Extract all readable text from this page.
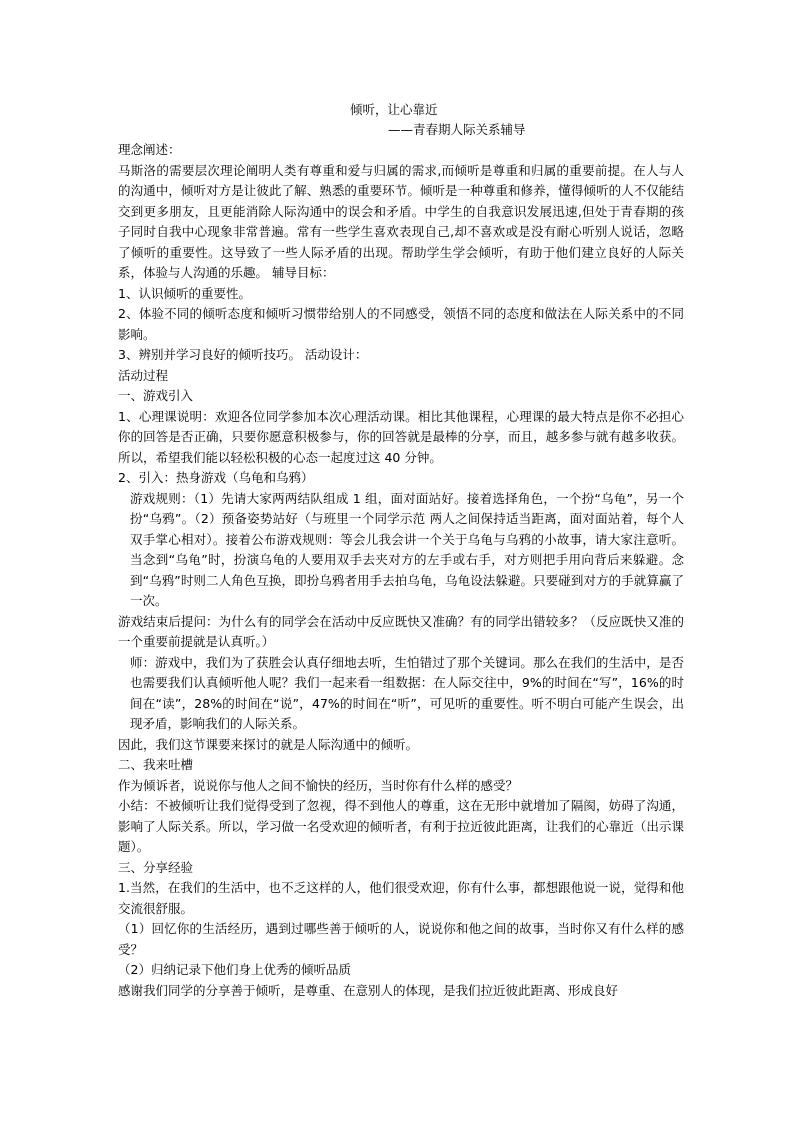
倾听，让心靠近

——青春期人际关系辅导

理念阐述：

马斯洛的需要层次理论阐明人类有尊重和爱与归属的需求,而倾听是尊重和归属的重要前提。在人与人的沟通中，倾听对方是让彼此了解、熟悉的重要环节。倾听是一种尊重和修养，懂得倾听的人不仅能结交到更多朋友，且更能消除人际沟通中的误会和矛盾。中学生的自我意识发展迅速,但处于青春期的孩子同时自我中心现象非常普遍。常有一些学生喜欢表现自己,却不喜欢或是没有耐心听别人说话，忽略了倾听的重要性。这导致了一些人际矛盾的出现。帮助学生学会倾听，有助于他们建立良好的人际关系，体验与人沟通的乐趣。 辅导目标：

1、认识倾听的重要性。

2、体验不同的倾听态度和倾听习惯带给别人的不同感受，领悟不同的态度和做法在人际关系中的不同影响。

3、辨别并学习良好的倾听技巧。 活动设计：

活动过程

一、游戏引入

1、心理课说明：欢迎各位同学参加本次心理活动课。相比其他课程，心理课的最大特点是你不必担心你的回答是否正确，只要你愿意积极参与，你的回答就是最棒的分享，而且，越多参与就有越多收获。所以，希望我们能以轻松积极的心态一起度过这 40 分钟。

2、引入：热身游戏（乌龟和乌鸦）

游戏规则：（1）先请大家两两结队组成 1 组，面对面站好。接着选择角色，一个扮“乌龟”，另一个扮“乌鸦”。（2）预备姿势站好（与班里一个同学示范 两人之间保持适当距离，面对面站着，每个人双手掌心相对）。接着公布游戏规则：等会儿我会讲一个关于乌龟与乌鸦的小故事，请大家注意听。当念到“乌龟”时，扮演乌龟的人要用双手去夹对方的左手或右手，对方则把手用向背后来躲避。念到“乌鸦”时则二人角色互换，即扮乌鸦者用手去拍乌龟，乌龟设法躲避。只要碰到对方的手就算赢了一次。

游戏结束后提问：为什么有的同学会在活动中反应既快又准确？有的同学出错较多？（反应既快又准的一个重要前提就是认真听。）

师：游戏中，我们为了获胜会认真仔细地去听，生怕错过了那个关键词。那么在我们的生活中，是否也需要我们认真倾听他人呢？我们一起来看一组数据：在人际交往中，9%的时间在“写”，16%的时间在“读”，28%的时间在“说”，47%的时间在“听”，可见听的重要性。听不明白可能产生误会，出现矛盾，影响我们的人际关系。

因此，我们这节课要来探讨的就是人际沟通中的倾听。

二、我来吐槽

作为倾诉者，说说你与他人之间不愉快的经历，当时你有什么样的感受？

小结：不被倾听让我们觉得受到了忽视，得不到他人的尊重，这在无形中就增加了隔阂，妨碍了沟通，影响了人际关系。所以，学习做一名受欢迎的倾听者，有利于拉近彼此距离，让我们的心靠近（出示课题）。

三、分享经验

1.当然，在我们的生活中，也不乏这样的人，他们很受欢迎，你有什么事，都想跟他说一说，觉得和他交流很舒服。

（1）回忆你的生活经历，遇到过哪些善于倾听的人，说说你和他之间的故事，当时你又有什么样的感受？

（2）归纳记录下他们身上优秀的倾听品质

感谢我们同学的分享善于倾听，是尊重、在意别人的体现，是我们拉近彼此距离、形成良好
